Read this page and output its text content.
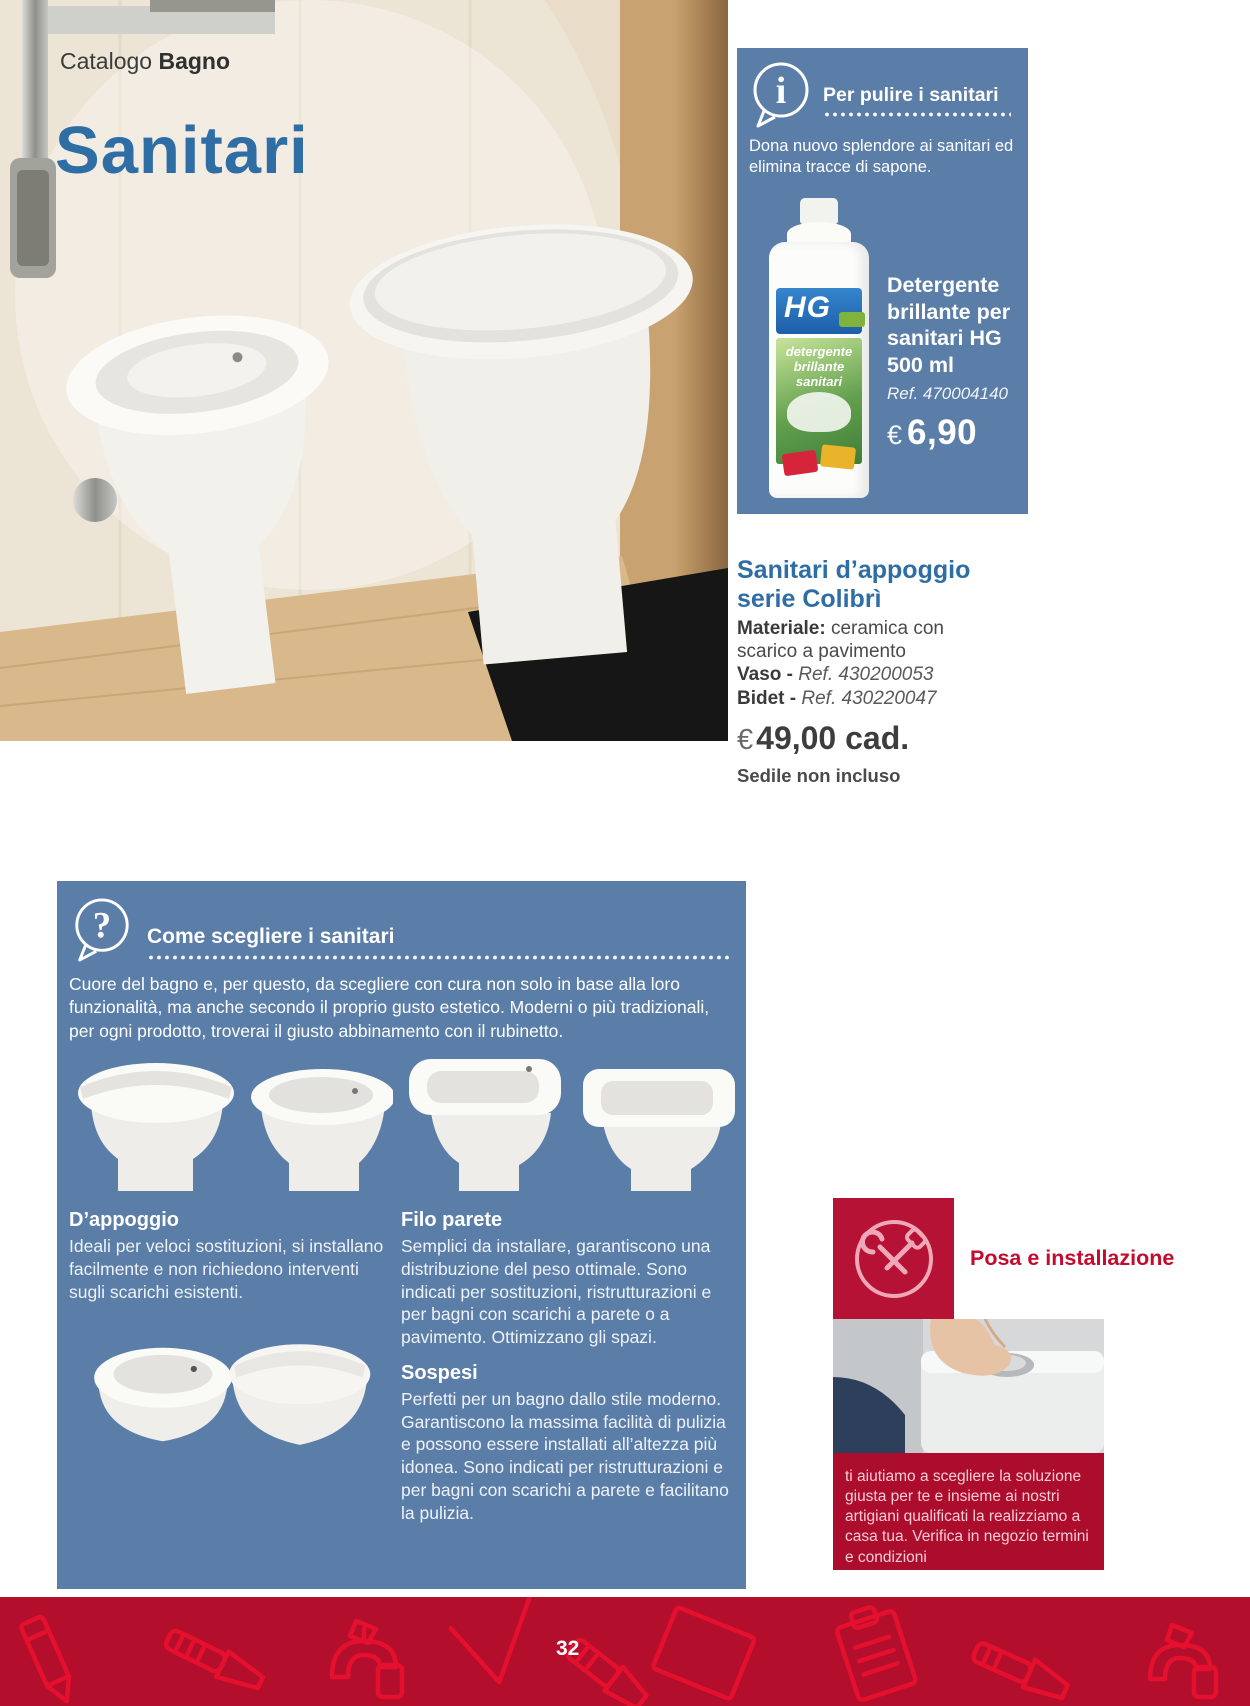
Catalogo Bagno
Sanitari
i Per pulire i sanitari

Dona nuovo splendore ai sanitari ed elimina tracce di sapone.

HG
detergente brillante sanitari
Detergente brillante per sanitari HG 500 ml
Ref. 470004140
€ 6,90
Sanitari d’appoggio serie Colibrì

Materiale: ceramica con scarico a pavimento

Vaso - Ref. 430200053

Bidet - Ref. 430220047

€49,00 cad.

Sedile non incluso

? Come scegliere i sanitari

Cuore del bagno e, per questo, da scegliere con cura non solo in base alla loro funzionalità, ma anche secondo il proprio gusto estetico. Moderni o più tradizionali, per ogni prodotto, troverai il giusto abbinamento con il rubinetto.

D’appoggio

Ideali per veloci sostituzioni, si installano facilmente e non richiedono interventi sugli scarichi esistenti.

Filo parete

Semplici da installare, garantiscono una distribuzione del peso ottimale. Sono indicati per sostituzioni, ristrutturazioni e per bagni con scarichi a parete o a pavimento. Ottimizzano gli spazi.

Sospesi

Perfetti per un bagno dallo stile moderno. Garantiscono la massima facilità di pulizia e possono essere installati all’altezza più idonea. Sono indicati per ristrutturazioni e per bagni con scarichi a parete e facilitano la pulizia.

Posa e installazione
ti aiutiamo a scegliere la soluzione giusta per te e insieme ai nostri artigiani qualificati la realizziamo a casa tua. Verifica in negozio termini e condizioni
32
